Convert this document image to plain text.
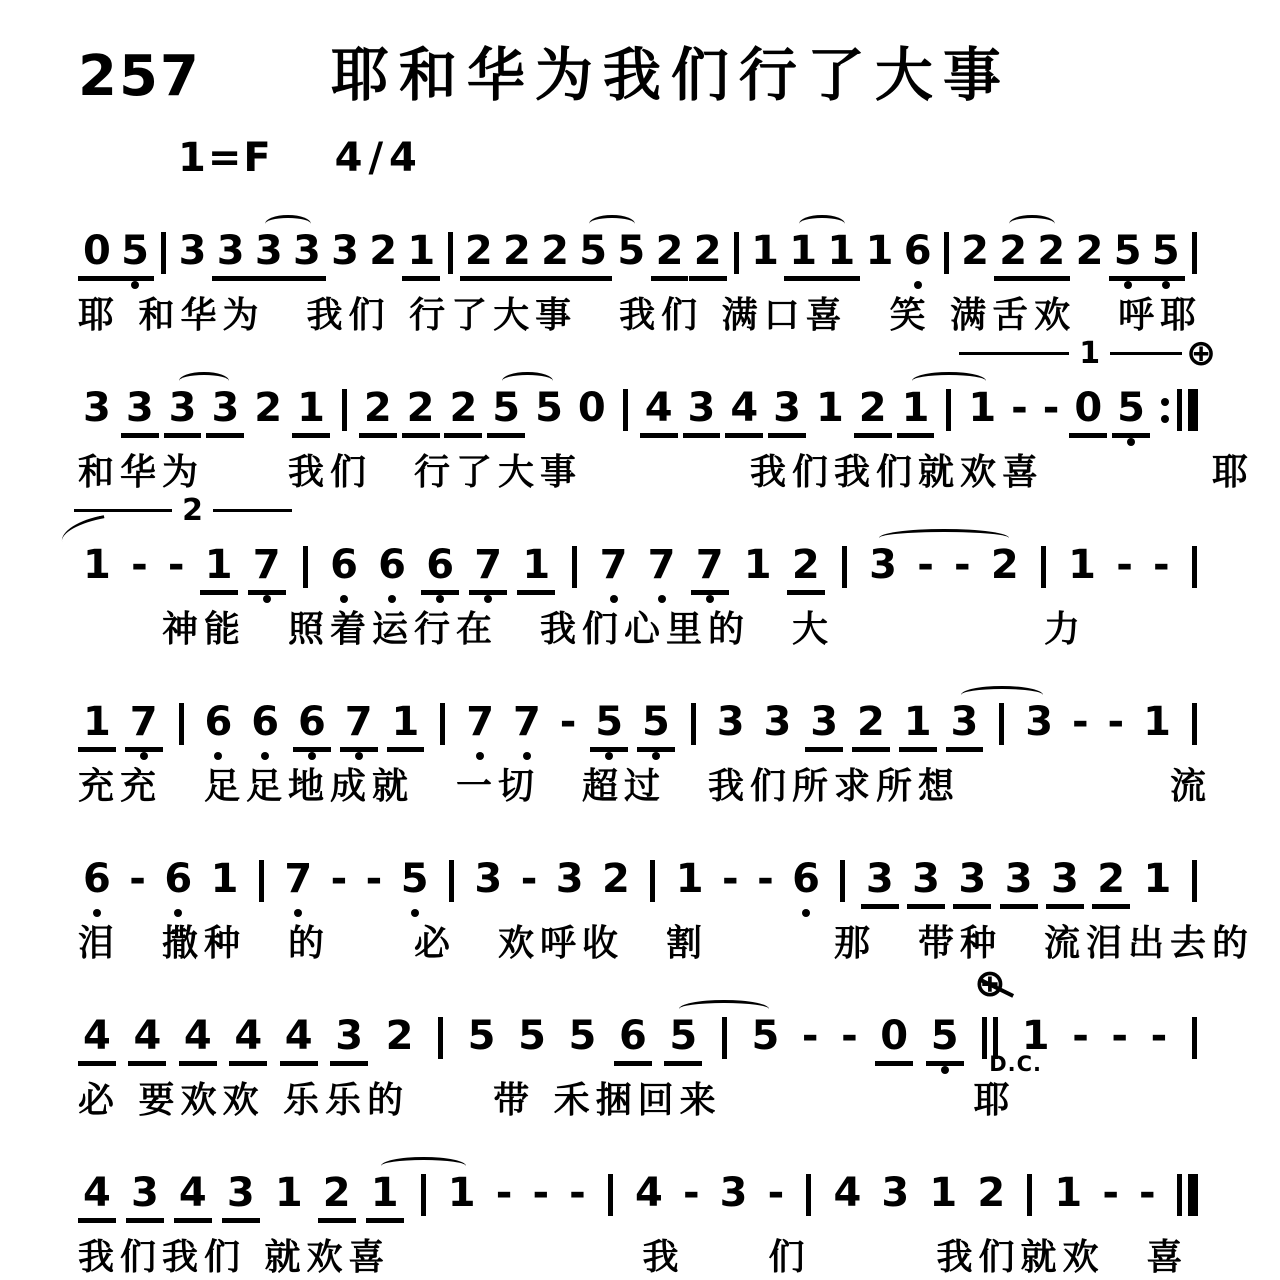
257 耶和华为我们行了大事
1=F 4/4
0 5 3 3 3 3 3 2 1 2 2 2 5 5 2 2 1 1 1 1 6 2 2 2 2 5 5
耶 和华为　我们 行了大事　我们 满口喜　笑 满舌欢　呼耶
3 3 3 3 2 1 2 2 2 5 5 0 4 3 4 3 1 2 1 1 - - 0 5
1 ⊕
和华为　　我们　行了大事　　　　我们我们就欢喜　　　　耶
1 - - 1 7 6 6 6 7 1 7 7 7 1 2 3 - - 2 1 - -
2
　　神能　照着运行在　我们心里的　大　　　　　力
1 7 6 6 6 7 1 7 7 - 5 5 3 3 3 2 1 3 3 - - 1
充充　足足地成就　一切　超过　我们所求所想　　　　　流
6 - 6 1 7 - - 5 3 - 3 2 1 - - 6 3 3 3 3 3 2 1
泪　撒种　的　　必　欢呼收　割　　　那　带种　流泪出去的
4 4 4 4 4 3 2 5 5 5 6 5 5 - - 0 5 1 - - -
⊕
D.C.
必 要欢欢 乐乐的　　带 禾捆回来　　　　　　耶
4 3 4 3 1 2 1 1 - - - 4 - 3 - 4 3 1 2 1 - -
我们我们 就欢喜　　　　　　我　　们　　　我们就欢　喜
